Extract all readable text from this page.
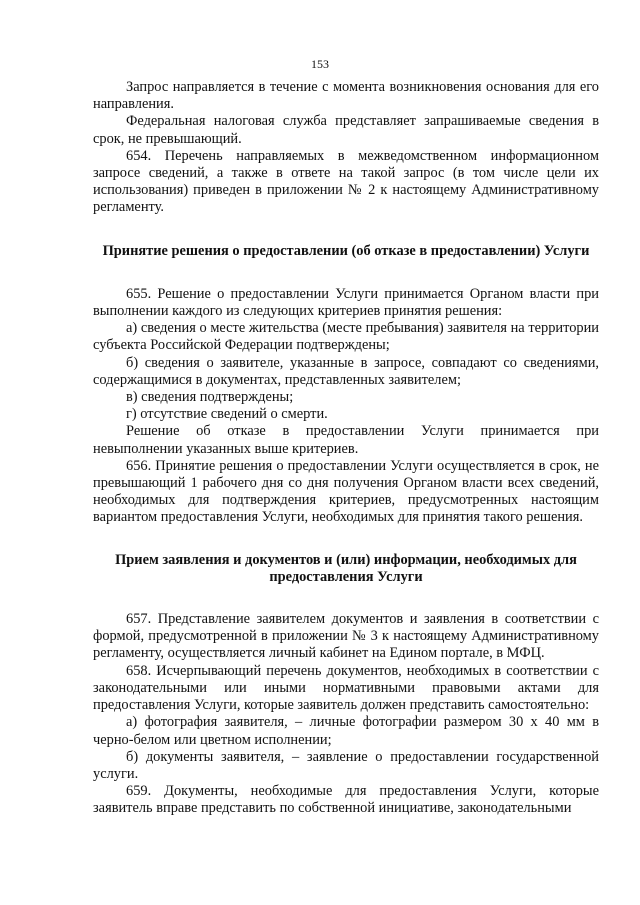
153

Запрос направляется в течение с момента возникновения основания для его направления.

Федеральная налоговая служба представляет запрашиваемые сведения в срок, не превышающий.

654. Перечень направляемых в межведомственном информационном запросе сведений, а также в ответе на такой запрос (в том числе цели их использования) приведен в приложении № 2 к настоящему Административному регламенту.

Принятие решения о предоставлении (об отказе в предоставлении) Услуги

655. Решение о предоставлении Услуги принимается Органом власти при выполнении каждого из следующих критериев принятия решения:

а) сведения о месте жительства (месте пребывания) заявителя на территории субъекта Российской Федерации подтверждены;

б) сведения о заявителе, указанные в запросе, совпадают со сведениями, содержащимися в документах, представленных заявителем;

в) сведения подтверждены;

г) отсутствие сведений о смерти.

Решение об отказе в предоставлении Услуги принимается при невыполнении указанных выше критериев.

656. Принятие решения о предоставлении Услуги осуществляется в срок, не превышающий 1 рабочего дня со дня получения Органом власти всех сведений, необходимых для подтверждения критериев, предусмотренных настоящим вариантом предоставления Услуги, необходимых для принятия такого решения.

Прием заявления и документов и (или) информации, необходимых для предоставления Услуги

657. Представление заявителем документов и заявления в соответствии с формой, предусмотренной в приложении № 3 к настоящему Административному регламенту, осуществляется личный кабинет на Едином портале, в МФЦ.

658. Исчерпывающий перечень документов, необходимых в соответствии с законодательными или иными нормативными правовыми актами для предоставления Услуги, которые заявитель должен представить самостоятельно:

а) фотография заявителя, – личные фотографии размером 30 х 40 мм в черно-белом или цветном исполнении;

б) документы заявителя, – заявление о предоставлении государственной услуги.

659. Документы, необходимые для предоставления Услуги, которые заявитель вправе представить по собственной инициативе, законодательными
